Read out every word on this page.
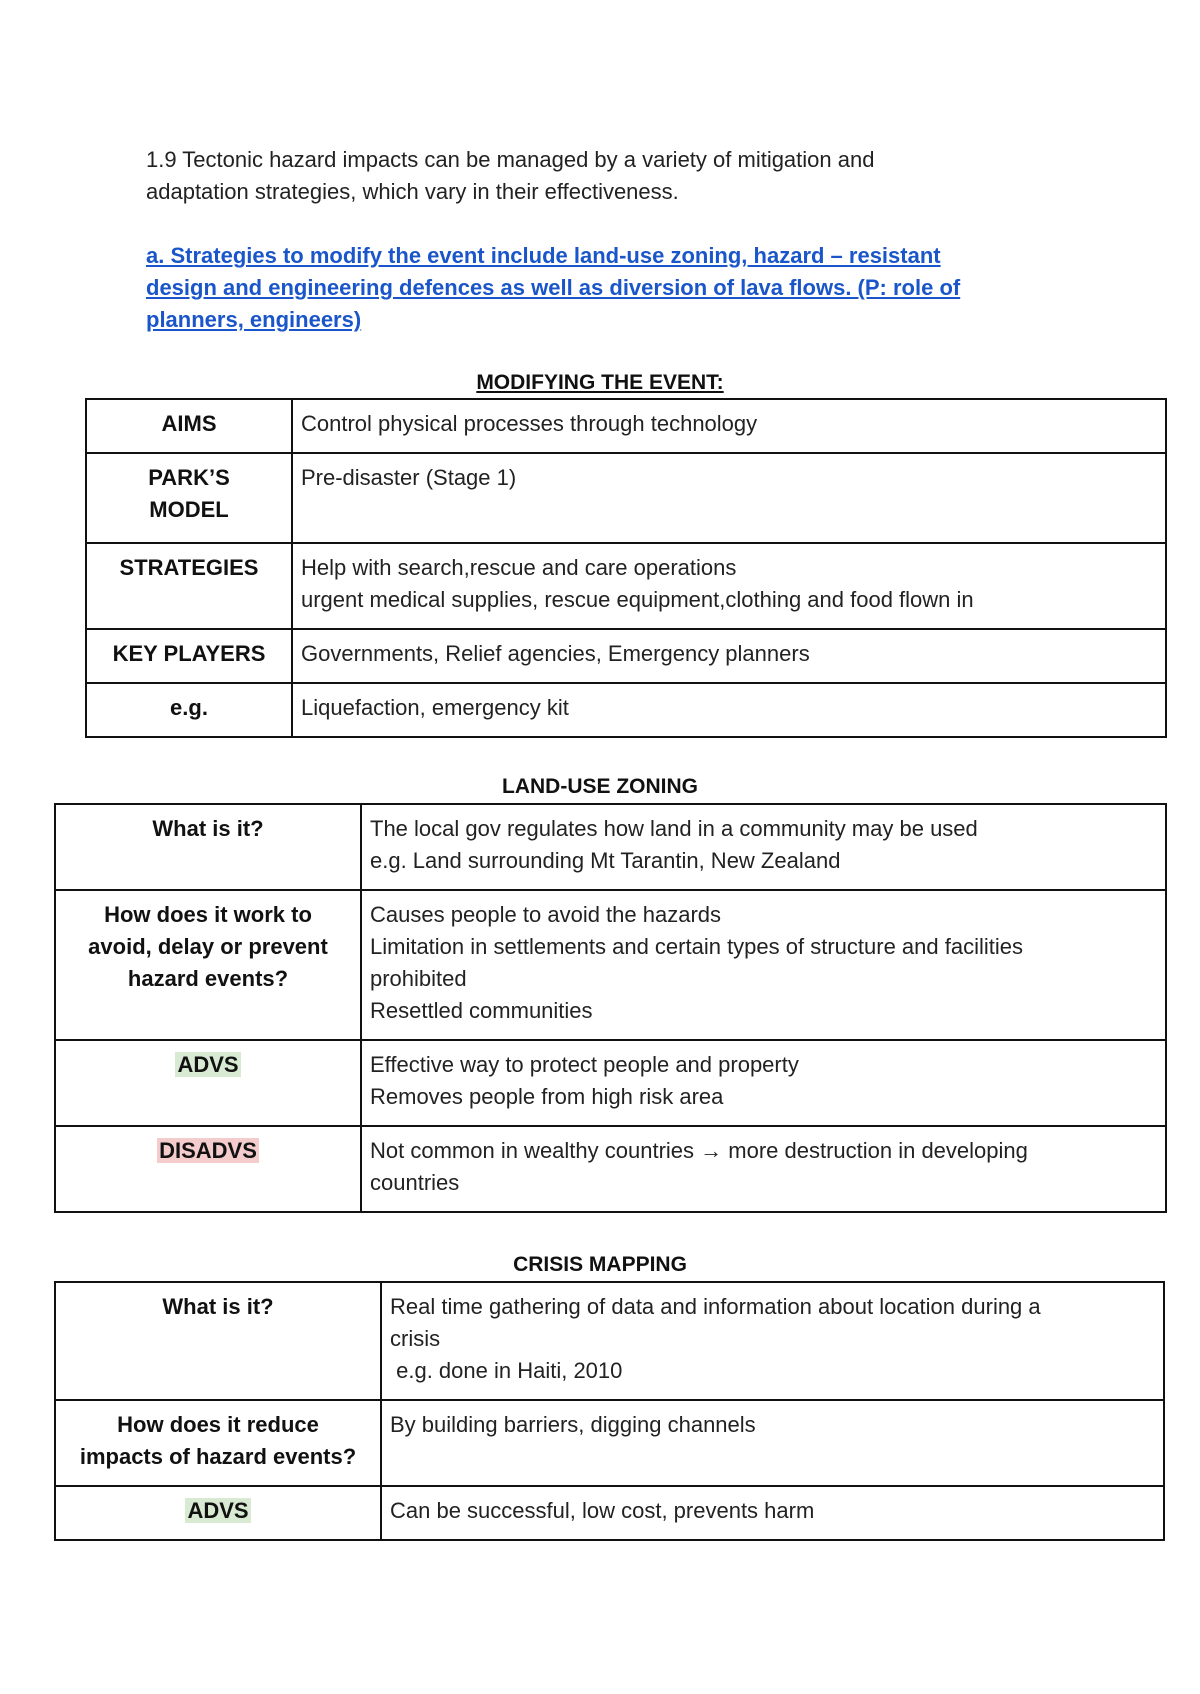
1.9 Tectonic hazard impacts can be managed by a variety of mitigation and
adaptation strategies, which vary in their effectiveness.
a. Strategies to modify the event include land-use zoning, hazard – resistant
design and engineering defences as well as diversion of lava flows. (P: role of
planners, engineers)
MODIFYING THE EVENT:
AIMS	Control physical processes through technology

PARK’S
MODEL	Pre-disaster (Stage 1)
STRATEGIES	Help with search,rescue and care operations
urgent medical supplies, rescue equipment,clothing and food flown in

KEY PLAYERS	Governments, Relief agencies, Emergency planners
e.g.	Liquefaction, emergency kit
LAND-USE ZONING
What is it?	The local gov regulates how land in a community may be used
e.g. Land surrounding Mt Tarantin, New Zealand

How does it work to
avoid, delay or prevent
hazard events?	Causes people to avoid the hazards
Limitation in settlements and certain types of structure and facilities
prohibited
Resettled communities

ADVS	Effective way to protect people and property
Removes people from high risk area

DISADVS	Not common in wealthy countries → more destruction in developing
countries
CRISIS MAPPING
What is it?	Real time gathering of data and information about location during a
crisis
e.g. done in Haiti, 2010

How does it reduce
impacts of hazard events?	By building barriers, digging channels
ADVS	Can be successful, low cost, prevents harm
